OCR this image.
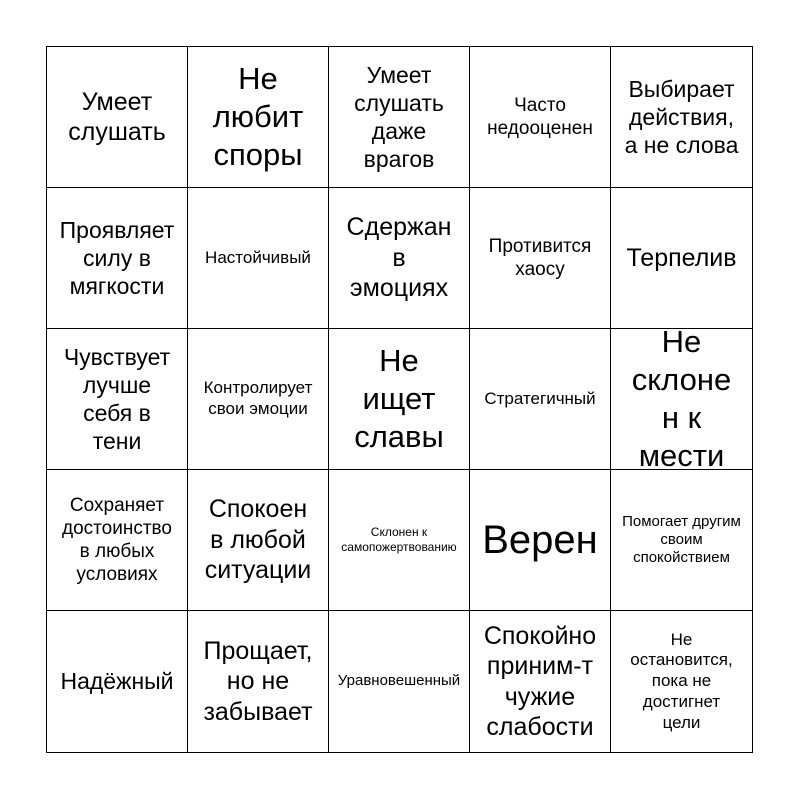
Умеет слушать
Не любит споры
Умеет слушать даже врагов
Часто недооценен
Выбирает действия, а не слова
Проявляет силу в мягкости
Настойчивый
Сдержан в эмоциях
Противится хаосу	Терпелив
Чувствует лучше себя в тени
Контролирует свои эмоции
Не ищет славы
Стратегичный
Не склонен к мести
Сохраняет достоинство в любых условиях
Спокоен в любой ситуации
Склонен к самопожертвованию Верен Помогает другим своим спокойствием
Надёжный
Прощает, но не забывает
Уравновешенный
Спокойно приним-т чужие слабости
Не остановится, пока не достигнет цели
